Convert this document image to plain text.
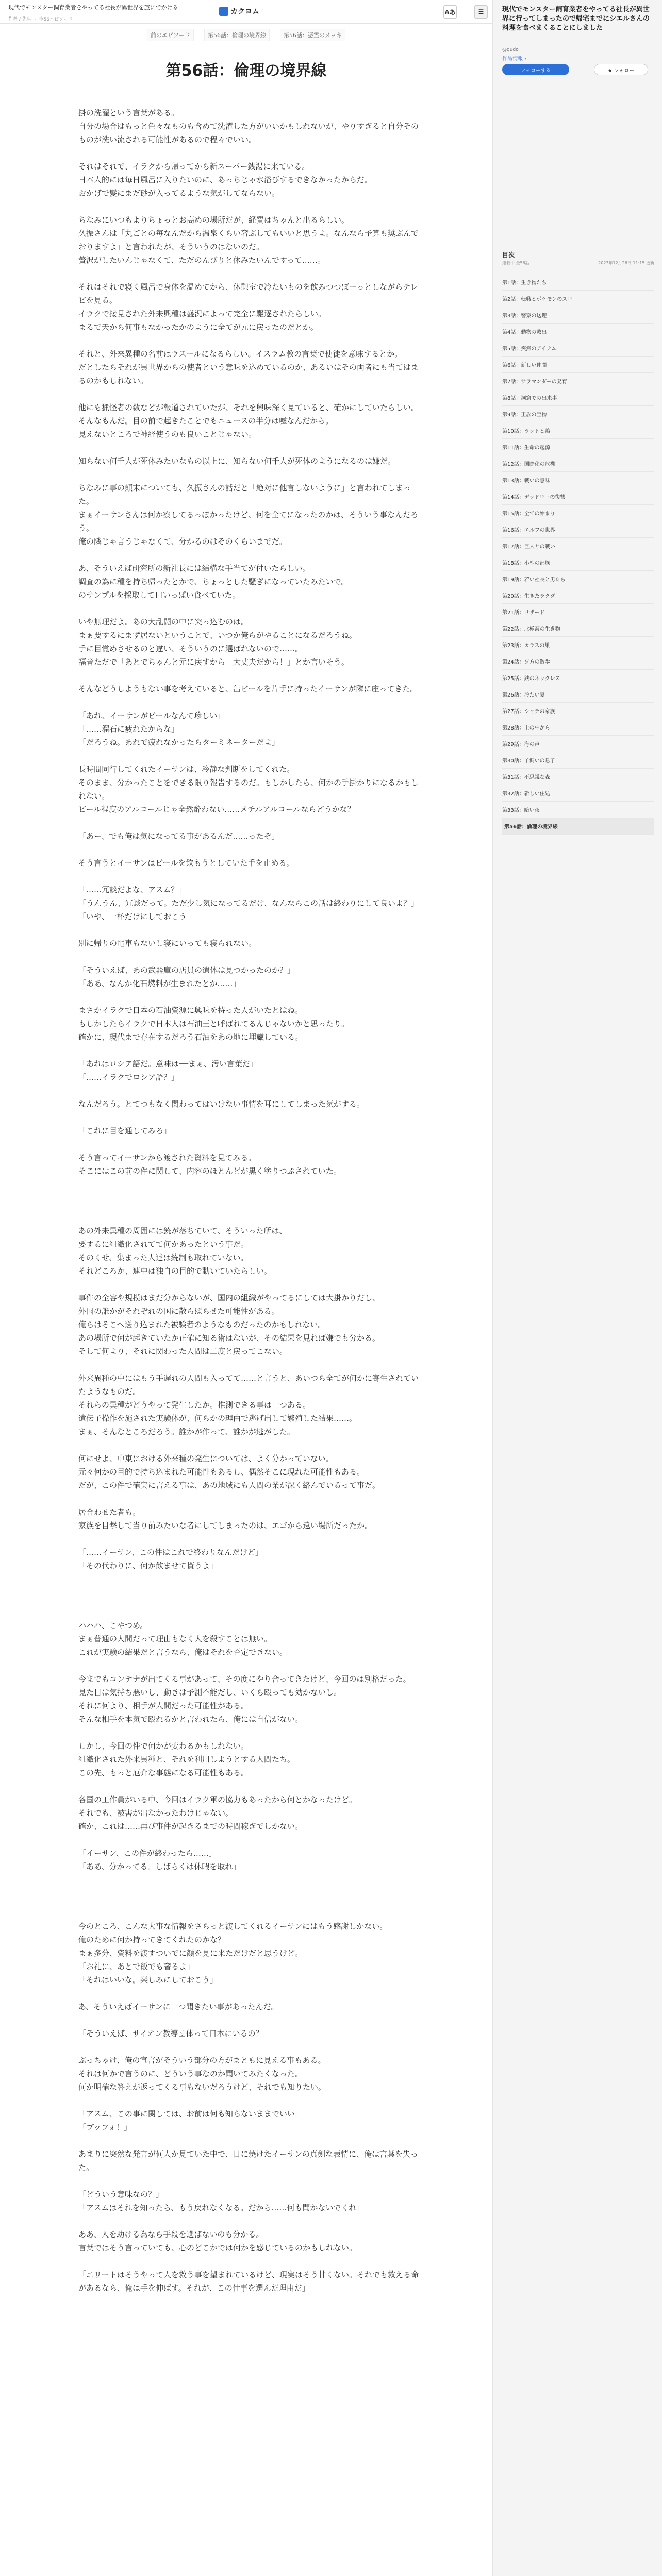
現代でモンスター飼育業者をやってる社長が異世界を旅にでかける
作者 / 先生 ・ 全56エピソード
カクヨム	Aあ	☰
前のエピソード	第56話：倫理の境界線	第56話：憑霊のメッキ
第56話：倫理の境界線

掛の洗濯という言葉がある。
自分の場合はもっと色々なものも含めて洗濯した方がいいかもしれないが、やりすぎると自分そのものが洗い流される可能性があるので程々でいい。

それはそれで、イラクから帰ってから新スーパー銭湯に来ている。
日本人的には毎日風呂に入りたいのに、あっちじゃ水浴びするできなかったからだ。
おかげで髪にまだ砂が入ってるような気がしてならない。

ちなみにいつもよりちょっとお高めの場所だが、経費はちゃんと出るらしい。
久振さんは「丸ごとの毎なんだから温泉くらい奢ぶしてもいいと思うよ。なんなら予算も奨ぶんでおりますよ」と言われたが、そういうのはないのだ。
贅沢がしたいんじゃなくて、ただのんびりと休みたいんですって……。

それはそれで寝く風呂で身体を温めてから、休憩室で冷たいものを飲みつつぼーっとしながらテレビを見る。
イラクで接見された外来興種は盛況によって完全に駆逐されたらしい。
まるで天から何事もなかったかのように全てが元に戻ったのだとか。

それと、外来異種の名前はラスールになるらしい。イスラム教の言葉で使徒を意味するとか。
だとしたらそれが異世界からの使者という意味を込めているのか、あるいはその両者にも当てはまるのかもしれない。

他にも猟怪者の数などが報道されていたが、それを興味深く見ていると、確かにしていたらしい。
そんなもんだ。目の前で起きたことでもニュースの半分は嘘なんだから。
見えないところで神経使うのも良いことじゃない。

知らない何千人が死体みたいなもの以上に、知らない何千人が死体のようになるのは嫌だ。

ちなみに事の顛末についても、久振さんの話だと「絶対に他言しないように」と言われてしまった。
まぁイーサンさんは何か察してるっぽかったけど、何を全てになったのかは、そういう事なんだろう。
俺の隣じゃ言うじゃなくて、分かるのはそのくらいまでだ。

あ、そういえば研究所の新社長には結構な手当てが付いたらしい。
調査の為に種を持ち帰ったとかで、ちょっとした騒ぎになっていたみたいで。
のサンプルを採取して口いっぱい食べていた。

いや無理だよ。あの大乱闘の中に突っ込むのは。
まぁ要するにまず居ないということで、いつか俺らがやることになるだろうね。
手に目覚めさせるのと違い、そういうのに選ばれないので……。
福音ただで「あとでちゃんと元に戻すから　大丈夫だから！」とか言いそう。

そんなどうしようもない事を考えていると、缶ビールを片手に持ったイーサンが隣に座ってきた。

「あれ、イーサンがビールなんて珍しい」
「……溜石に疲れたからな」
「だろうね。あれで疲れなかったらターミネーターだよ」

長時間同行してくれたイーサンは、冷静な判断をしてくれた。
そのまま、分かったことをできる限り報告するのだ。もしかしたら、何かの手掛かりになるかもしれない。
ビール程度のアルコールじゃ全然酔わない……メチルアルコールならどうかな？

「あー、でも俺は気になってる事があるんだ……ったぞ」

そう言うとイーサンはビールを飲もうとしていた手を止める。

「……冗談だよな、アスム？」
「うんうん、冗談だって。ただ少し気になってるだけ、なんならこの話は終わりにして良いよ？」
「いや、一杯だけにしておこう」

別に帰りの電車もないし寝にいっても寝られない。

「そういえば、あの武器庫の店員の遺体は見つかったのか？」
「ああ、なんか化石燃料が生まれたとか……」

まさかイラクで日本の石油資源に興味を持った人がいたとはね。
もしかしたらイラクで日本人は石油王と呼ばれてるんじゃないかと思ったり。
確かに、現代まで存在するだろう石油をあの地に埋蔵している。

「あれはロシア語だ。意味は──まぁ、汚い言葉だ」
「……イラクでロシア語？」

なんだろう。とてつもなく関わってはいけない事情を耳にしてしまった気がする。

「これに目を通してみろ」

そう言ってイーサンから渡された資料を見てみる。
そこにはこの前の件に関して、内容のほとんどが黒く塗りつぶされていた。

あの外来異種の周囲には銃が落ちていて、そういった所は、
要するに組織化されてて何かあったという事だ。
そのくせ、集まった人達は統制も取れていない。
それどころか、連中は独自の目的で動いていたらしい。

事件の全容や規模はまだ分からないが、国内の組織がやってるにしては大掛かりだし、
外国の誰かがそれぞれの国に散らばらせた可能性がある。
俺らはそこへ送り込まれた被験者のようなものだったのかもしれない。
あの場所で何が起きていたか正確に知る術はないが、その結果を見れば嫌でも分かる。
そして何より、それに関わった人間は二度と戻ってこない。

外来異種の中にはもう手遅れの人間も入ってて……と言うと、あいつら全てが何かに寄生されていたようなものだ。
それらの異種がどうやって発生したか。推測できる事は一つある。
遺伝子操作を施された実験体が、何らかの理由で逃げ出して繁殖した結果……。
まぁ、そんなところだろう。誰かが作って、誰かが逃がした。

何にせよ、中東における外来種の発生については、よく分かっていない。
元々何かの目的で持ち込まれた可能性もあるし、偶然そこに現れた可能性もある。
だが、この件で確実に言える事は、あの地域にも人間の業が深く絡んでいるって事だ。

居合わせた者も。
家族を目撃して当り前みたいな者にしてしまったのは、エゴから遠い場所だったか。

「……イーサン、この件はこれで終わりなんだけど」
「その代わりに、何か飲ませて貰うよ」

ハハハ、こやつめ。
まぁ普通の人間だって理由もなく人を殺すことは無い。
これが実験の結果だと言うなら、俺はそれを否定できない。

今までもコンテナが出てくる事があって、その度にやり合ってきたけど、今回のは別格だった。
見た目は気持ち悪いし、動きは予測不能だし、いくら殴っても効かないし。
それに何より、相手が人間だった可能性がある。
そんな相手を本気で殴れるかと言われたら、俺には自信がない。

しかし、今回の件で何かが変わるかもしれない。
組織化された外来異種と、それを利用しようとする人間たち。
この先、もっと厄介な事態になる可能性もある。

各国の工作員がいる中、今回はイラク軍の協力もあったから何とかなったけど。
それでも、被害が出なかったわけじゃない。
確か、これは……再び事件が起きるまでの時間稼ぎでしかない。

「イーサン、この件が終わったら……」
「ああ、分かってる。しばらくは休暇を取れ」

今のところ、こんな大事な情報をさらっと渡してくれるイーサンにはもう感謝しかない。
俺のために何か持ってきてくれたのかな？
まぁ多分、資料を渡すついでに顔を見に来ただけだと思うけど。
「お礼に、あとで飯でも奢るよ」
「それはいいな。楽しみにしておこう」

あ、そういえばイーサンに一つ聞きたい事があったんだ。

「そういえば、サイオン教導団体って日本にいるの？」

ぶっちゃけ、俺の宣言がそういう部分の方がまともに見える事もある。
それは何かで言うのに、どういう事なのか聞いてみたくなった。
何か明確な答えが返ってくる事もないだろうけど、それでも知りたい。

「アスム、この事に関しては、お前は何も知らないままでいい」
「ブッフォ！」

あまりに突然な発言が何人か見ていた中で、日に焼けたイーサンの真剣な表情に、俺は言葉を失った。

「どういう意味なの？」
「アスムはそれを知ったら、もう戻れなくなる。だから……何も聞かないでくれ」

ああ、人を助ける為なら手段を選ばないのも分かる。
言葉ではそう言っていても、心のどこかでは何かを感じているのかもしれない。

「エリートはそうやって人を救う事を望まれているけど、現実はそう甘くない。それでも救える命があるなら、俺は手を伸ばす。それが、この仕事を選んだ理由だ」

現代でモンスター飼育業者をやってる社長が異世界に行ってしまったので帰宅までにシエルさんの料理を食べまくることにしました
@gudo
作品情報 ›
フォローする	★ フォロー
目次
連載中 全56話	2023年12月26日 11:15 更新
第1話：生き物たち
第2話：転職とポケモンのスコ
第3話：警察の送迎
第4話：動物の救出
第5話：突然のアイテム
第6話：新しい仲間
第7話：サラマンダーの発育
第8話：洞窟での出来事
第9話：王族の宝物
第10話：ラットと鶏
第11話：生命の起源
第12話：国際化の危機
第13話：戦いの意味
第14話：デッドローの復讐
第15話：全ての始まり
第16話：エルフの世界
第17話：巨人との戦い
第18話：小型の部族
第19話：若い社長と男たち
第20話：生きたラクダ
第21話：リザード
第22話：北極海の生き物
第23話：カラスの巣
第24話：夕方の散歩
第25話：鉄のネックレス
第26話：冷たい夏
第27話：シャチの家族
第28話：土の中から
第29話：海の声
第30話：羊飼いの息子
第31話：不思議な森
第32話：新しい住処
第33話：暗い夜
第56話：倫理の境界線
